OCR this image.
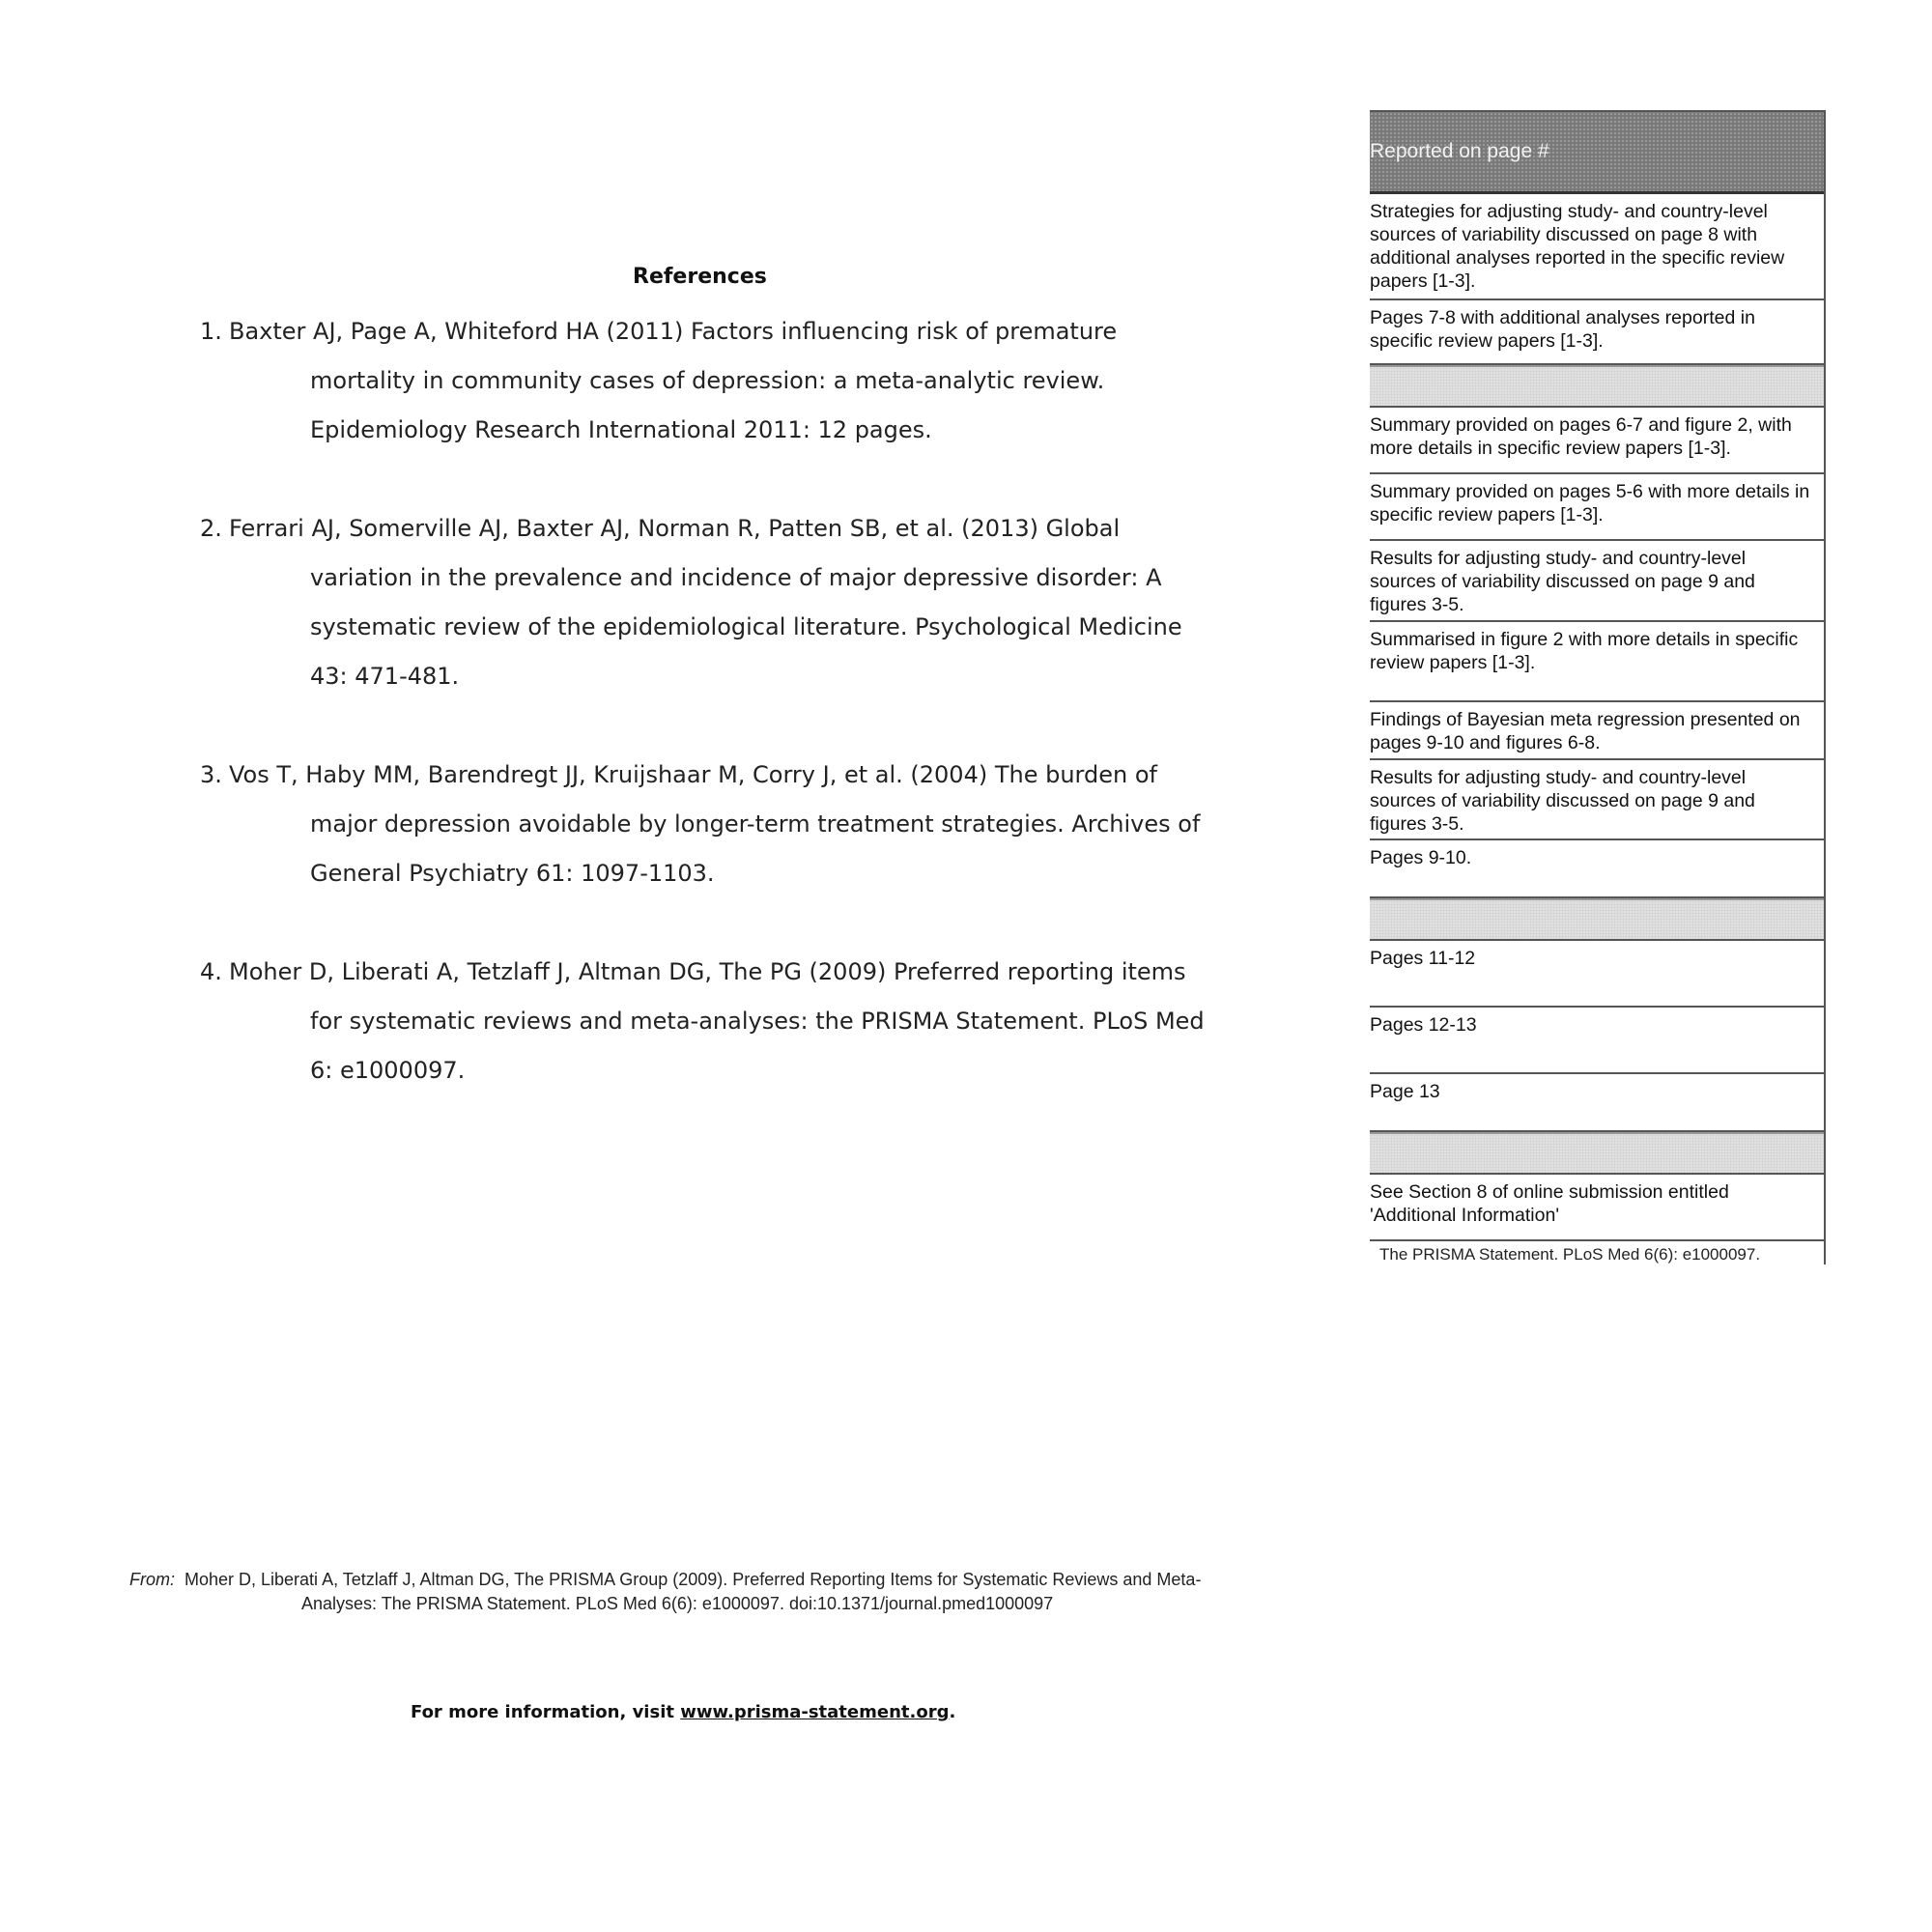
References
1. Baxter AJ, Page A, Whiteford HA (2011) Factors influencing risk of premature mortality in community cases of depression: a meta-analytic review. Epidemiology Research International 2011: 12 pages.
2. Ferrari AJ, Somerville AJ, Baxter AJ, Norman R, Patten SB, et al. (2013) Global variation in the prevalence and incidence of major depressive disorder: A systematic review of the epidemiological literature. Psychological Medicine 43: 471-481.
3. Vos T, Haby MM, Barendregt JJ, Kruijshaar M, Corry J, et al. (2004) The burden of major depression avoidable by longer-term treatment strategies. Archives of General Psychiatry 61: 1097-1103.
4. Moher D, Liberati A, Tetzlaff J, Altman DG, The PG (2009) Preferred reporting items for systematic reviews and meta-analyses: the PRISMA Statement. PLoS Med 6: e1000097.
Reported on page #
Strategies for adjusting study- and country-level sources of variability discussed on page 8 with additional analyses reported in the specific review papers [1-3].
Pages 7-8 with additional analyses reported in specific review papers [1-3].
Summary provided on pages 6-7 and figure 2, with more details in specific review papers [1-3].
Summary provided on pages 5-6 with more details in specific review papers [1-3].
Results for adjusting study- and country-level sources of variability discussed on page 9 and figures 3-5.
Summarised in figure 2 with more details in specific review papers [1-3].
Findings of Bayesian meta regression presented on pages 9-10 and figures 6-8.
Results for adjusting study- and country-level sources of variability discussed on page 9 and figures 3-5.
Pages 9-10.
Pages 11-12
Pages 12-13
Page 13
See Section 8 of online submission entitled 'Additional Information'
The PRISMA Statement. PLoS Med 6(6): e1000097.
From: Moher D, Liberati A, Tetzlaff J, Altman DG, The PRISMA Group (2009). Preferred Reporting Items for Systematic Reviews and Meta-
Analyses: The PRISMA Statement. PLoS Med 6(6): e1000097. doi:10.1371/journal.pmed1000097
For more information, visit www.prisma-statement.org.
